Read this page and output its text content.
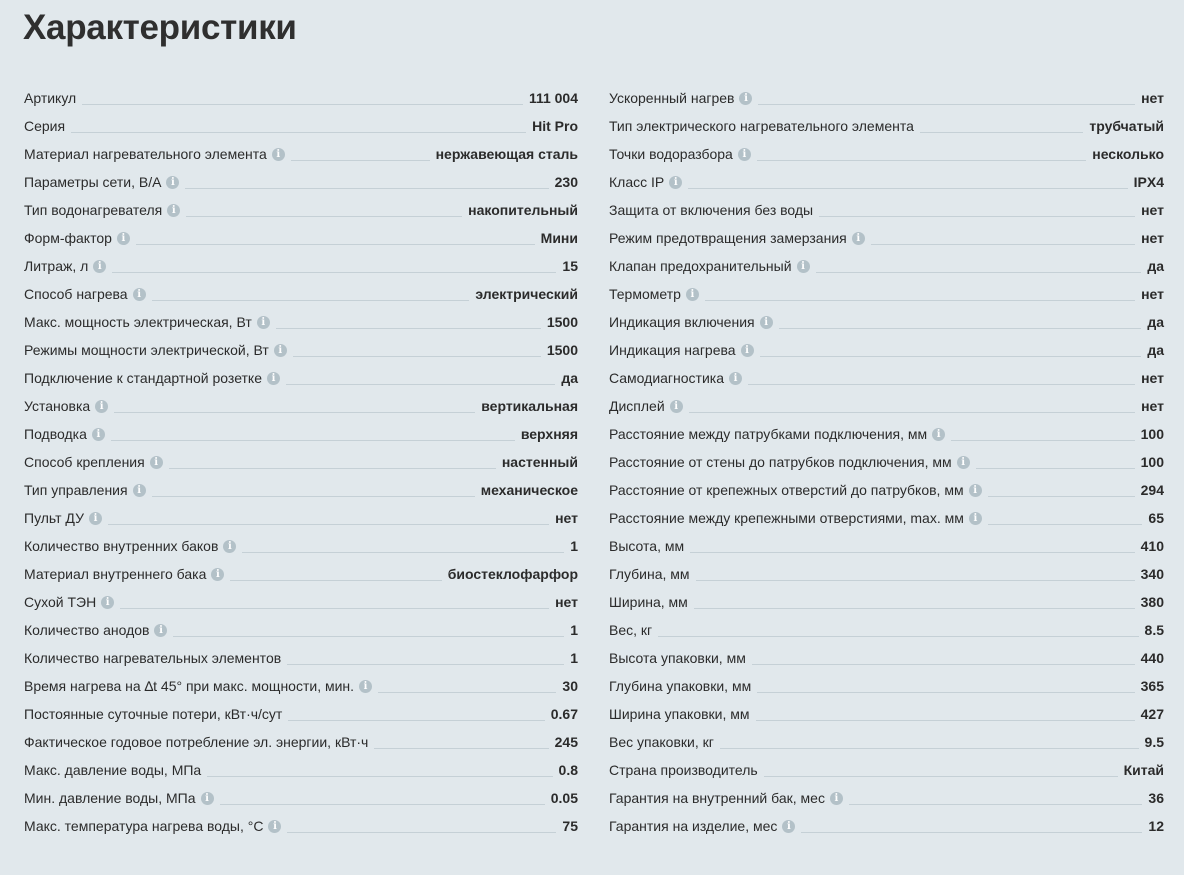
Характеристики
Артикул	111 004
Серия	Hit Pro
Материал нагревательного элемента i	нержавеющая сталь
Параметры сети, В/А i	230
Тип водонагревателя i	накопительный
Форм-фактор i	Мини
Литраж, л i	15
Способ нагрева i	электрический
Макс. мощность электрическая, Вт i	1500
Режимы мощности электрической, Вт i	1500
Подключение к стандартной розетке i	да
Установка i	вертикальная
Подводка i	верхняя
Способ крепления i	настенный
Тип управления i	механическое
Пульт ДУ i	нет
Количество внутренних баков i	1
Материал внутреннего бака i	биостеклофарфор
Сухой ТЭН i	нет
Количество анодов i	1
Количество нагревательных элементов	1
Время нагрева на ∆t 45° при макс. мощности, мин. i	30
Постоянные суточные потери, кВт·ч/сут	0.67
Фактическое годовое потребление эл. энергии, кВт·ч	245
Макс. давление воды, МПа	0.8
Мин. давление воды, МПа i	0.05
Макс. температура нагрева воды, °С i	75
Ускоренный нагрев i	нет
Тип электрического нагревательного элемента	трубчатый
Точки водоразбора i	несколько
Класс IP i	IPX4
Защита от включения без воды	нет
Режим предотвращения замерзания i	нет
Клапан предохранительный i	да
Термометр i	нет
Индикация включения i	да
Индикация нагрева i	да
Самодиагностика i	нет
Дисплей i	нет
Расстояние между патрубками подключения, мм i	100
Расстояние от стены до патрубков подключения, мм i	100
Расстояние от крепежных отверстий до патрубков, мм i	294
Расстояние между крепежными отверстиями, max. мм i	65
Высота, мм	410
Глубина, мм	340
Ширина, мм	380
Вес, кг	8.5
Высота упаковки, мм	440
Глубина упаковки, мм	365
Ширина упаковки, мм	427
Вес упаковки, кг	9.5
Страна производитель	Китай
Гарантия на внутренний бак, мес i	36
Гарантия на изделие, мес i	12
